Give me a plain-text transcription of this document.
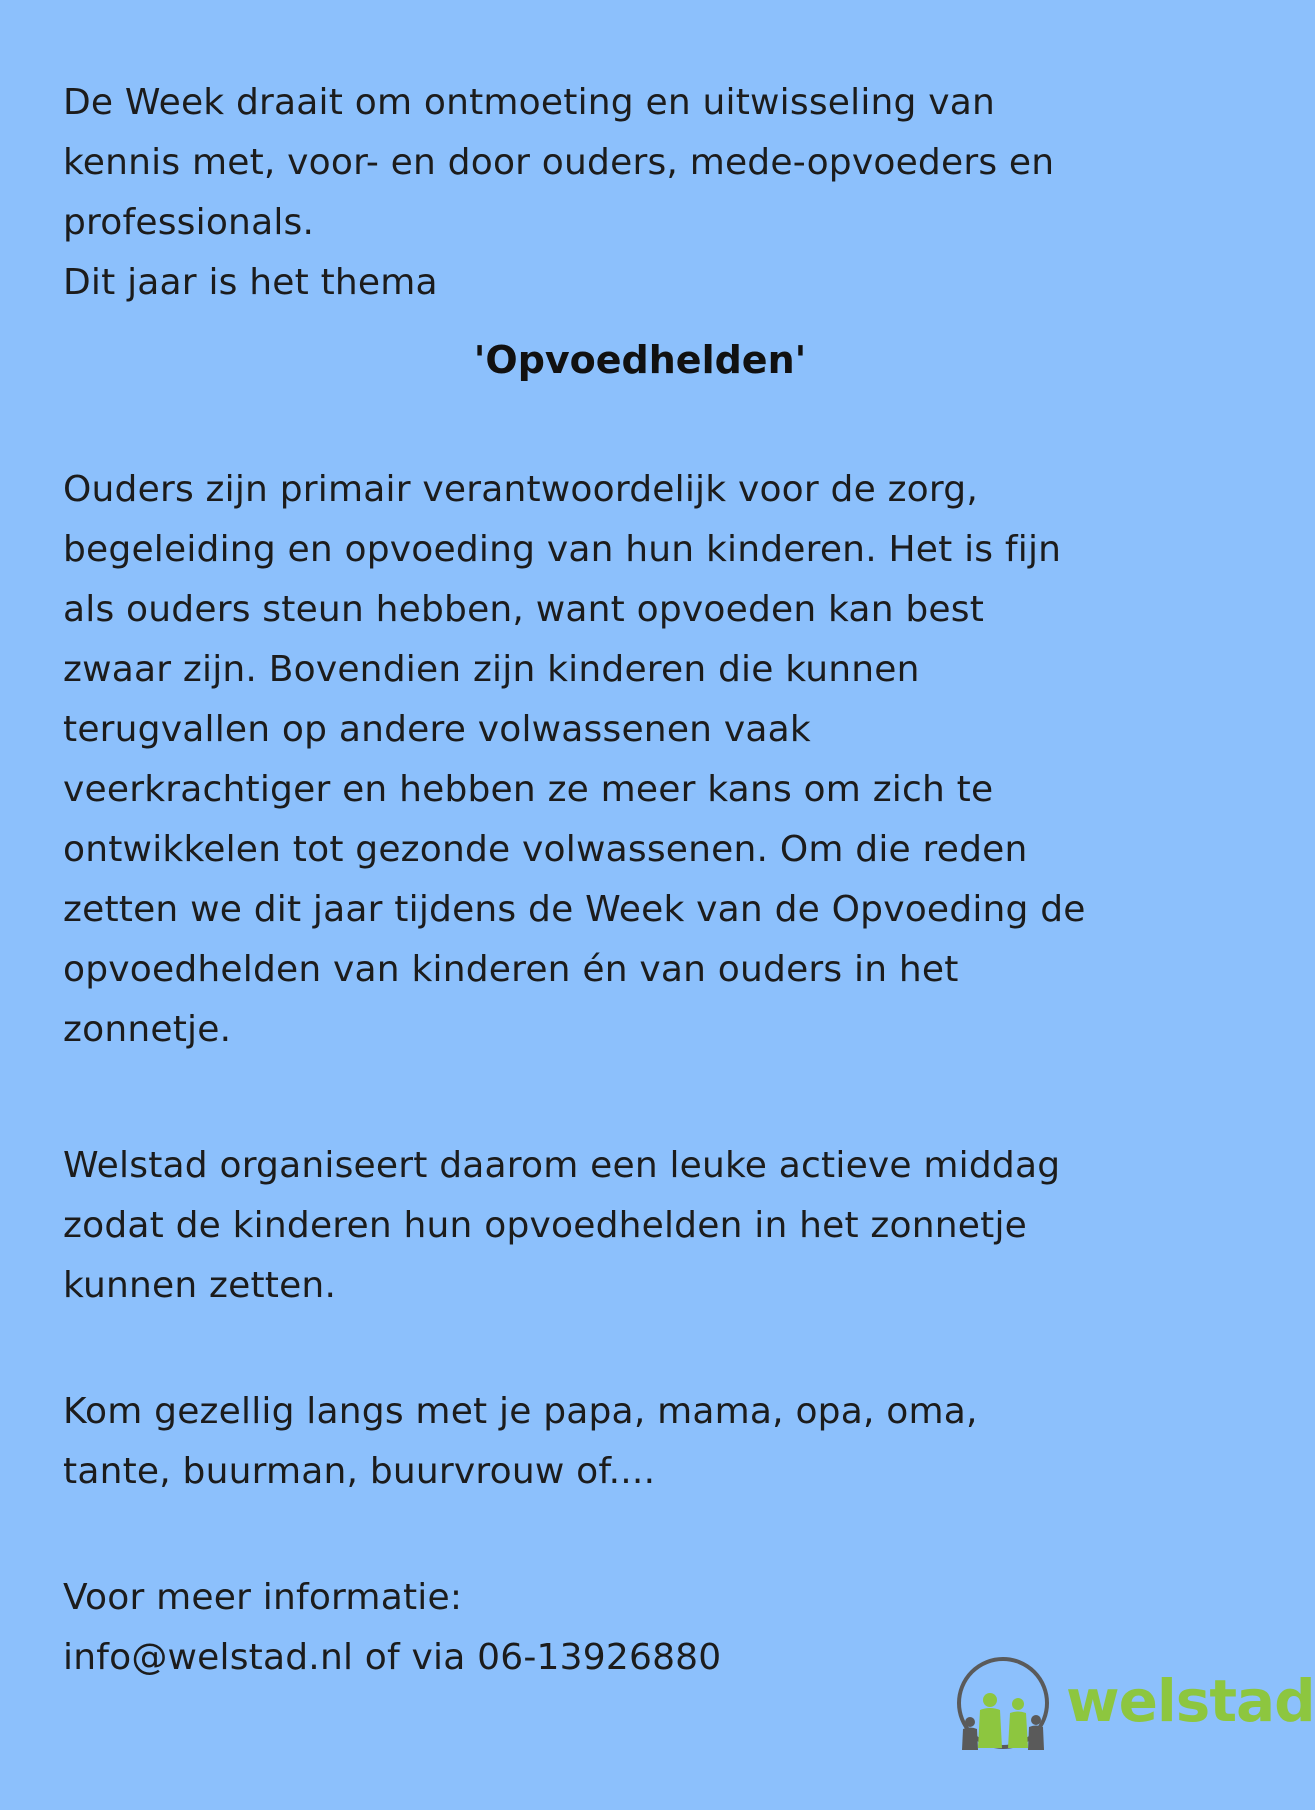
De Week draait om ontmoeting en uitwisseling van
kennis met, voor- en door ouders, mede-opvoeders en
professionals.
Dit jaar is het thema
'Opvoedhelden'
Ouders zijn primair verantwoordelijk voor de zorg,
begeleiding en opvoeding van hun kinderen. Het is fijn
als ouders steun hebben, want opvoeden kan best
zwaar zijn. Bovendien zijn kinderen die kunnen
terugvallen op andere volwassenen vaak
veerkrachtiger en hebben ze meer kans om zich te
ontwikkelen tot gezonde volwassenen. Om die reden
zetten we dit jaar tijdens de Week van de Opvoeding de
opvoedhelden van kinderen én van ouders in het
zonnetje.
Welstad organiseert daarom een leuke actieve middag
zodat de kinderen hun opvoedhelden in het zonnetje
kunnen zetten.
Kom gezellig langs met je papa, mama, opa, oma,
tante, buurman, buurvrouw of....
Voor meer informatie:
info@welstad.nl of via 06-13926880
welstad
